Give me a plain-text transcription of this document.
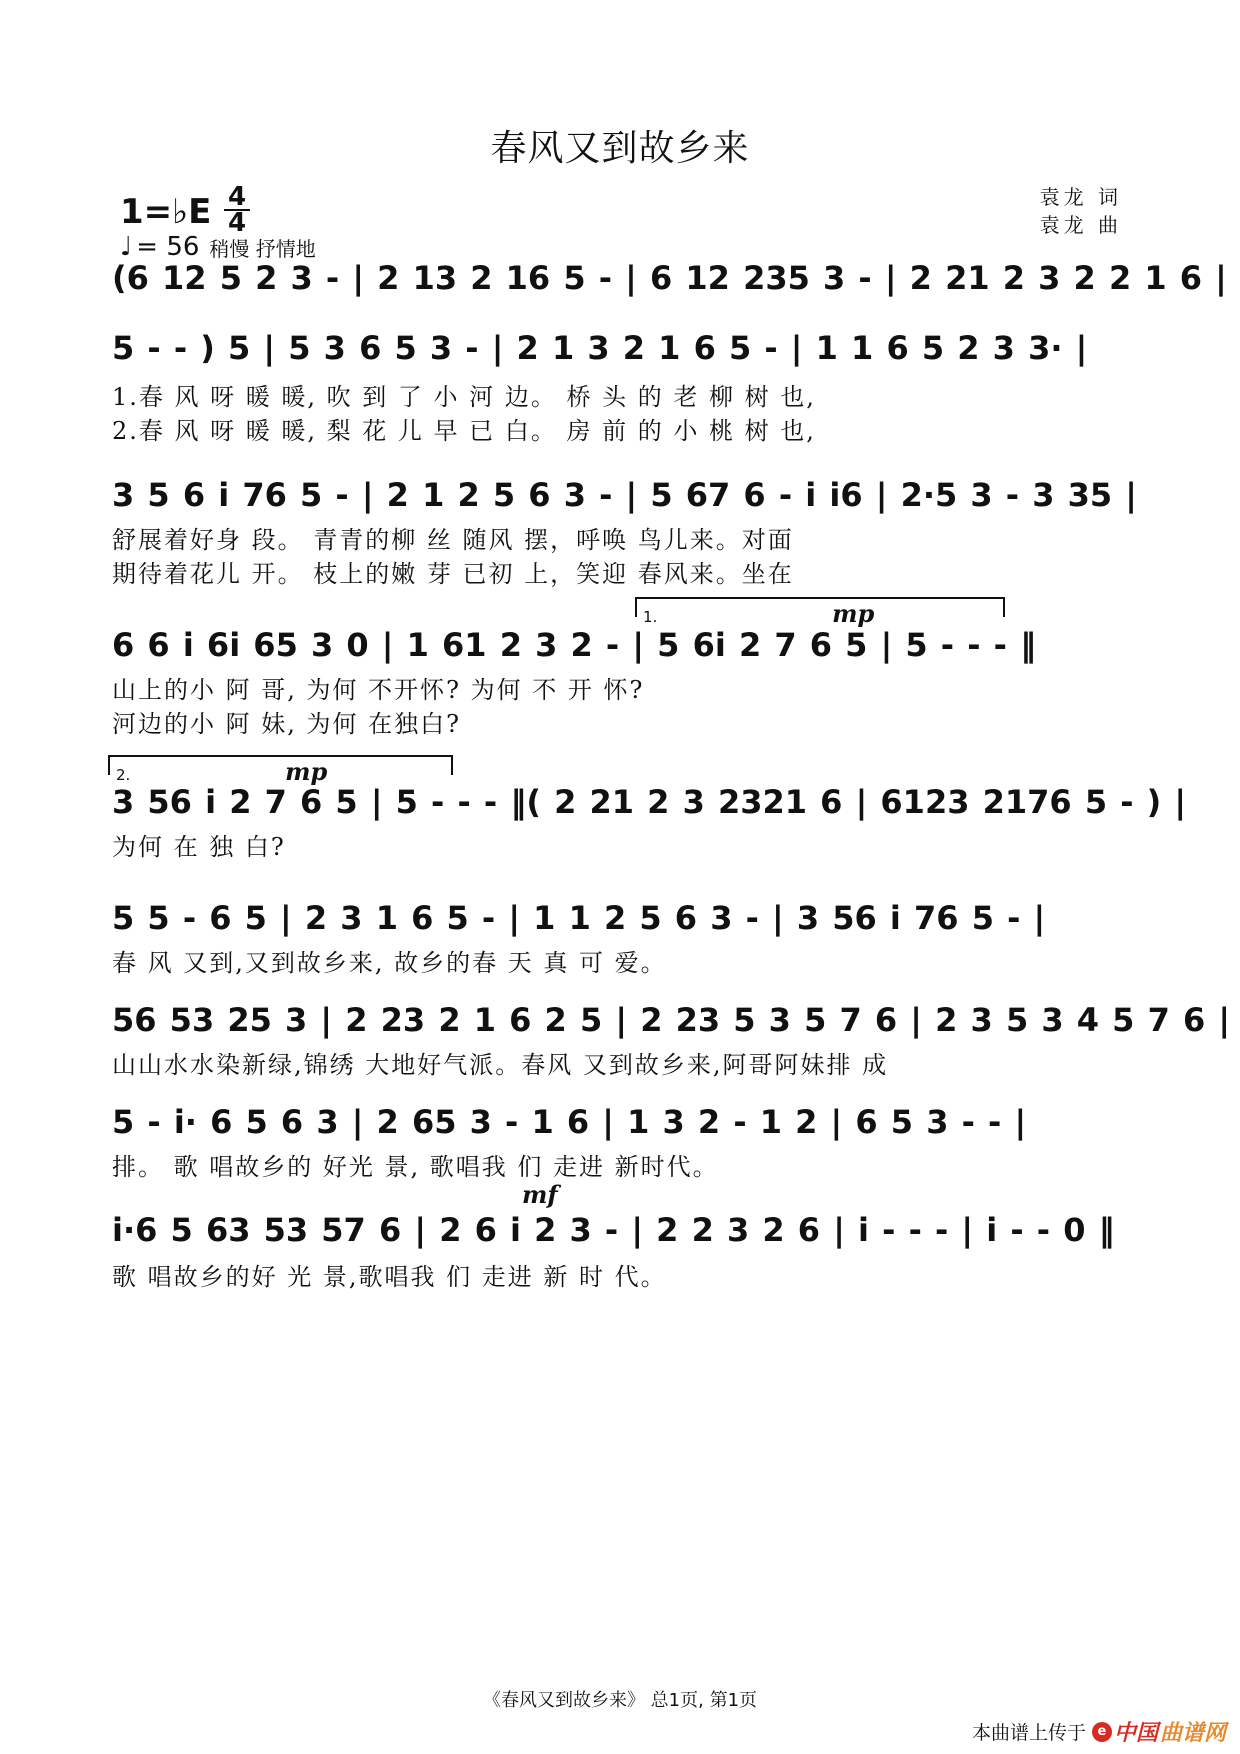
春风又到故乡来
1=♭E 4
4
♩ = 56 稍慢 抒情地
袁龙 词
袁龙 曲
(6 12 5 2 3 - | 2 13 2 16 5 - | 6 12 235 3 - | 2 21 2 3 2 2 1 6 |
5 - - ) 5 | 5 3 6 5 3 - | 2 1 3 2 1 6 5 - | 1 1 6 5 2 3 3· |
1.春 风 呀 暖 暖, 吹 到 了 小 河 边。 桥 头 的 老 柳 树 也,
2.春 风 呀 暖 暖, 梨 花 儿 早 已 白。 房 前 的 小 桃 树 也,
3 5 6 i 76 5 - | 2 1 2 5 6 3 - | 5 67 6 - i i6 | 2·5 3 - 3 35 |
舒展着好身 段。 青青的柳 丝 随风 摆，呼唤 鸟儿来。对面
期待着花儿 开。 枝上的嫩 芽 已初 上，笑迎 春风来。坐在
1.	mp
6 6 i 6i 65 3 0 | 1 61 2 3 2 - | 5 6i 2 7 6 5 | 5 - - - ‖
山上的小 阿 哥, 为何 不开怀? 为何 不 开 怀?
河边的小 阿 妹, 为何 在独白?
2.	mp
3 56 i 2 7 6 5 | 5 - - - ‖( 2 21 2 3 2321 6 | 6123 2176 5 - ) |
为何 在 独 白?
5 5 - 6 5 | 2 3 1 6 5 - | 1 1 2 5 6 3 - | 3 56 i 76 5 - |
春 风 又到,又到故乡来, 故乡的春 天 真 可 爱。
56 53 25 3 | 2 23 2 1 6 2 5 | 2 23 5 3 5 7 6 | 2 3 5 3 4 5 7 6 |
山山水水染新绿,锦绣 大地好气派。春风 又到故乡来,阿哥阿妹排 成
5 - i· 6 5 6 3 | 2 65 3 - 1 6 | 1 3 2 - 1 2 | 6 5 3 - - |
排。 歌 唱故乡的 好光 景, 歌唱我 们 走进 新时代。
mf
i·6 5 63 53 57 6 | 2 6 i 2 3 - | 2 2 3 2 6 | i - - - | i - - 0 ‖
歌 唱故乡的好 光 景,歌唱我 们 走进 新 时 代。
《春风又到故乡来》 总1页, 第1页
本曲谱上传于 e 中国 曲谱网
